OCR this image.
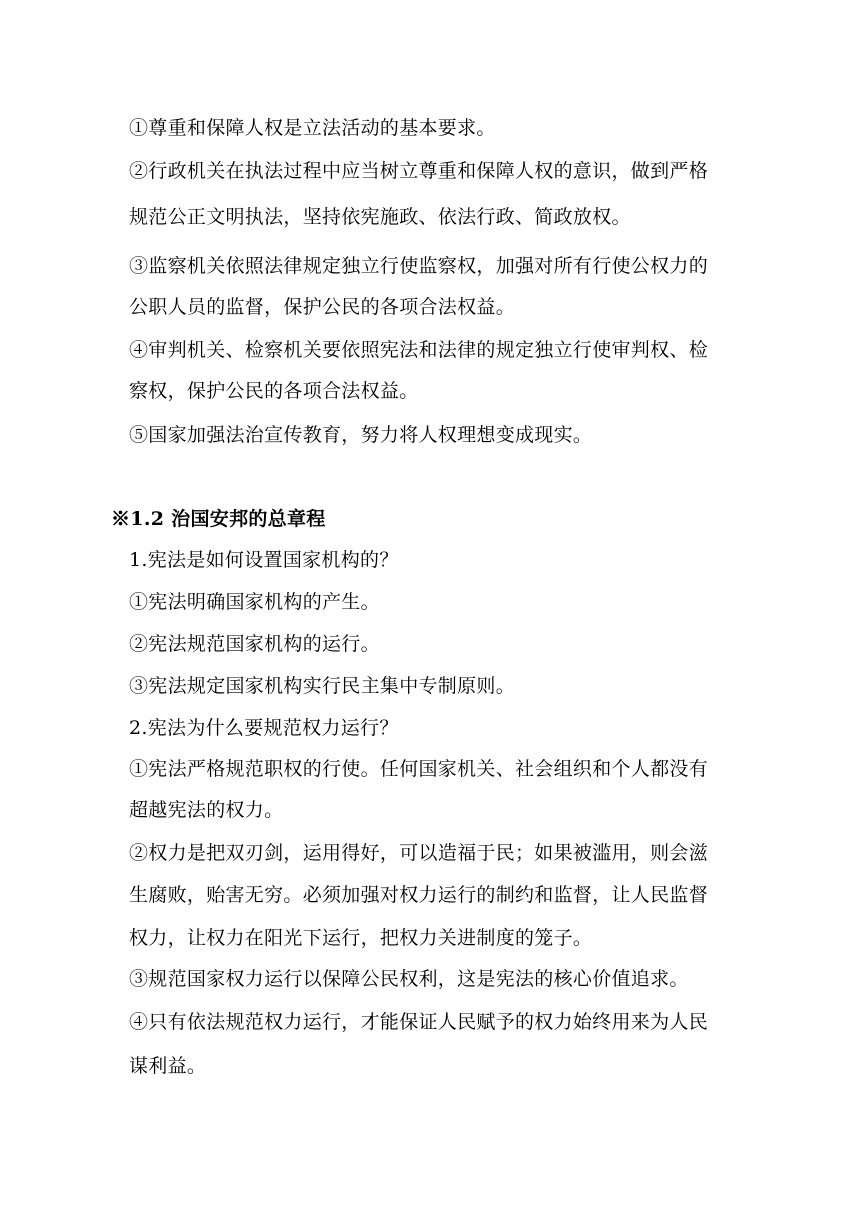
①尊重和保障人权是立法活动的基本要求。
②行政机关在执法过程中应当树立尊重和保障人权的意识，做到严格
规范公正文明执法，坚持依宪施政、依法行政、简政放权。
③监察机关依照法律规定独立行使监察权，加强对所有行使公权力的
公职人员的监督，保护公民的各项合法权益。
④审判机关、检察机关要依照宪法和法律的规定独立行使审判权、检
察权，保护公民的各项合法权益。
⑤国家加强法治宣传教育，努力将人权理想变成现实。
※1.2 治国安邦的总章程
1.宪法是如何设置国家机构的？
①宪法明确国家机构的产生。
②宪法规范国家机构的运行。
③宪法规定国家机构实行民主集中专制原则。
2.宪法为什么要规范权力运行？
①宪法严格规范职权的行使。任何国家机关、社会组织和个人都没有
超越宪法的权力。
②权力是把双刃剑，运用得好，可以造福于民；如果被滥用，则会滋
生腐败，贻害无穷。必须加强对权力运行的制约和监督，让人民监督
权力，让权力在阳光下运行，把权力关进制度的笼子。
③规范国家权力运行以保障公民权利，这是宪法的核心价值追求。
④只有依法规范权力运行，才能保证人民赋予的权力始终用来为人民
谋利益。
